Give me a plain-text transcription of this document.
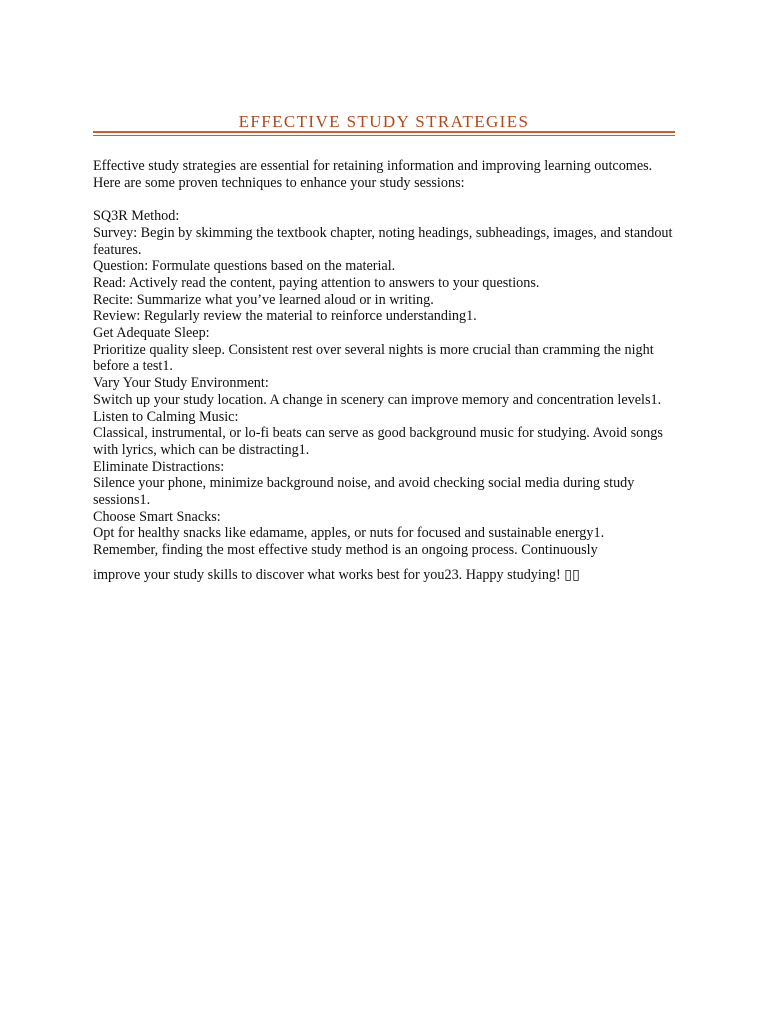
EFFECTIVE STUDY STRATEGIES

Effective study strategies are essential for retaining information and improving learning outcomes. Here are some proven techniques to enhance your study sessions:

SQ3R Method:

Survey: Begin by skimming the textbook chapter, noting headings, subheadings, images, and standout features.

Question: Formulate questions based on the material.

Read: Actively read the content, paying attention to answers to your questions.

Recite: Summarize what you’ve learned aloud or in writing.

Review: Regularly review the material to reinforce understanding1.

Get Adequate Sleep:

Prioritize quality sleep. Consistent rest over several nights is more crucial than cramming the night before a test1.

Vary Your Study Environment:

Switch up your study location. A change in scenery can improve memory and concentration levels1.

Listen to Calming Music:

Classical, instrumental, or lo-fi beats can serve as good background music for studying. Avoid songs with lyrics, which can be distracting1.

Eliminate Distractions:

Silence your phone, minimize background noise, and avoid checking social media during study sessions1.

Choose Smart Snacks:

Opt for healthy snacks like edamame, apples, or nuts for focused and sustainable energy1.

Remember, finding the most effective study method is an ongoing process. Continuously

improve your study skills to discover what works best for you23. Happy studying! ▯▯
